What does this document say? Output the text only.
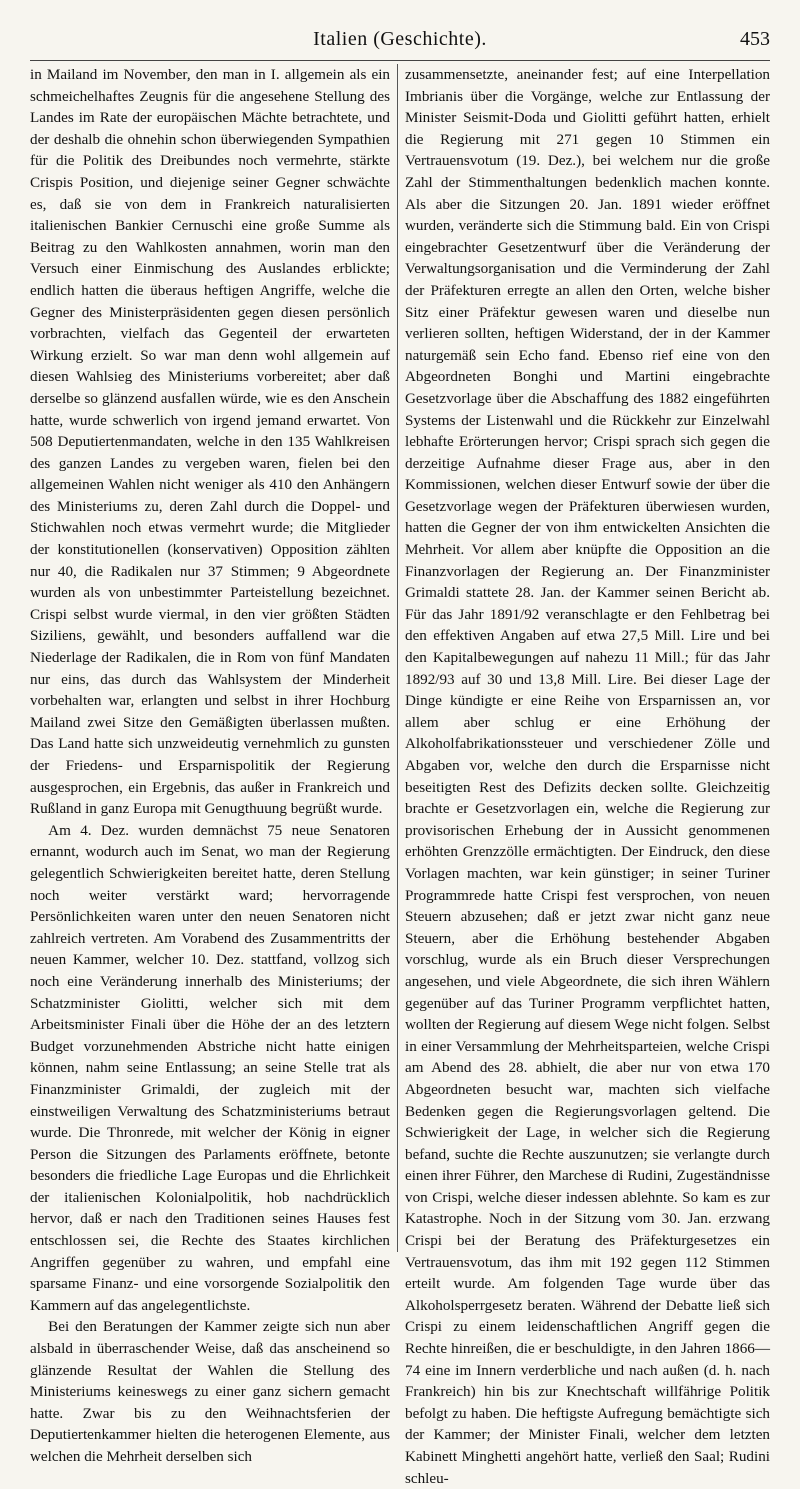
Italien (Geschichte).	453

in Mailand im November, den man in I. allgemein als ein schmeichelhaftes Zeugnis für die angesehene Stellung des Landes im Rate der europäischen Mächte betrachtete, und der deshalb die ohnehin schon überwiegenden Sympathien für die Politik des Dreibundes noch vermehrte, stärkte Crispis Position, und diejenige seiner Gegner schwächte es, daß sie von dem in Frankreich naturalisierten italienischen Bankier Cernuschi eine große Summe als Beitrag zu den Wahlkosten annahmen, worin man den Versuch einer Einmischung des Auslandes erblickte; endlich hatten die überaus heftigen Angriffe, welche die Gegner des Ministerpräsidenten gegen diesen persönlich vorbrachten, vielfach das Gegenteil der erwarteten Wirkung erzielt. So war man denn wohl allgemein auf diesen Wahlsieg des Ministeriums vorbereitet; aber daß derselbe so glänzend ausfallen würde, wie es den Anschein hatte, wurde schwerlich von irgend jemand erwartet. Von 508 Deputiertenmandaten, welche in den 135 Wahlkreisen des ganzen Landes zu vergeben waren, fielen bei den allgemeinen Wahlen nicht weniger als 410 den Anhängern des Ministeriums zu, deren Zahl durch die Doppel- und Stichwahlen noch etwas vermehrt wurde; die Mitglieder der konstitutionellen (konservativen) Opposition zählten nur 40, die Radikalen nur 37 Stimmen; 9 Abgeordnete wurden als von unbestimmter Parteistellung bezeichnet. Crispi selbst wurde viermal, in den vier größten Städten Siziliens, gewählt, und besonders auffallend war die Niederlage der Radikalen, die in Rom von fünf Mandaten nur eins, das durch das Wahlsystem der Minderheit vorbehalten war, erlangten und selbst in ihrer Hochburg Mailand zwei Sitze den Gemäßigten überlassen mußten. Das Land hatte sich unzweideutig vernehmlich zu gunsten der Friedens- und Ersparnispolitik der Regierung ausgesprochen, ein Ergebnis, das außer in Frankreich und Rußland in ganz Europa mit Genugthuung begrüßt wurde.

Am 4. Dez. wurden demnächst 75 neue Senatoren ernannt, wodurch auch im Senat, wo man der Regierung gelegentlich Schwierigkeiten bereitet hatte, deren Stellung noch weiter verstärkt ward; hervorragende Persönlichkeiten waren unter den neuen Senatoren nicht zahlreich vertreten. Am Vorabend des Zusammentritts der neuen Kammer, welcher 10. Dez. stattfand, vollzog sich noch eine Veränderung innerhalb des Ministeriums; der Schatzminister Giolitti, welcher sich mit dem Arbeitsminister Finali über die Höhe der an des letztern Budget vorzunehmenden Abstriche nicht hatte einigen können, nahm seine Entlassung; an seine Stelle trat als Finanzminister Grimaldi, der zugleich mit der einstweiligen Verwaltung des Schatzministeriums betraut wurde. Die Thronrede, mit welcher der König in eigner Person die Sitzungen des Parlaments eröffnete, betonte besonders die friedliche Lage Europas und die Ehrlichkeit der italienischen Kolonialpolitik, hob nachdrücklich hervor, daß er nach den Traditionen seines Hauses fest entschlossen sei, die Rechte des Staates kirchlichen Angriffen gegenüber zu wahren, und empfahl eine sparsame Finanz- und eine vorsorgende Sozialpolitik den Kammern auf das angelegentlichste.

Bei den Beratungen der Kammer zeigte sich nun aber alsbald in überraschender Weise, daß das anscheinend so glänzende Resultat der Wahlen die Stellung des Ministeriums keineswegs zu einer ganz sichern gemacht hatte. Zwar bis zu den Weihnachtsferien der Deputiertenkammer hielten die heterogenen Elemente, aus welchen die Mehrheit derselben sich

zusammensetzte, aneinander fest; auf eine Interpellation Imbrianis über die Vorgänge, welche zur Entlassung der Minister Seismit-Doda und Giolitti geführt hatten, erhielt die Regierung mit 271 gegen 10 Stimmen ein Vertrauensvotum (19. Dez.), bei welchem nur die große Zahl der Stimmenthaltungen bedenklich machen konnte. Als aber die Sitzungen 20. Jan. 1891 wieder eröffnet wurden, veränderte sich die Stimmung bald. Ein von Crispi eingebrachter Gesetzentwurf über die Veränderung der Verwaltungsorganisation und die Verminderung der Zahl der Präfekturen erregte an allen den Orten, welche bisher Sitz einer Präfektur gewesen waren und dieselbe nun verlieren sollten, heftigen Widerstand, der in der Kammer naturgemäß sein Echo fand. Ebenso rief eine von den Abgeordneten Bonghi und Martini eingebrachte Gesetzvorlage über die Abschaffung des 1882 eingeführten Systems der Listenwahl und die Rückkehr zur Einzelwahl lebhafte Erörterungen hervor; Crispi sprach sich gegen die derzeitige Aufnahme dieser Frage aus, aber in den Kommissionen, welchen dieser Entwurf sowie der über die Gesetzvorlage wegen der Präfekturen überwiesen wurden, hatten die Gegner der von ihm entwickelten Ansichten die Mehrheit. Vor allem aber knüpfte die Opposition an die Finanzvorlagen der Regierung an. Der Finanzminister Grimaldi stattete 28. Jan. der Kammer seinen Bericht ab. Für das Jahr 1891/92 veranschlagte er den Fehlbetrag bei den effektiven Angaben auf etwa 27,5 Mill. Lire und bei den Kapitalbewegungen auf nahezu 11 Mill.; für das Jahr 1892/93 auf 30 und 13,8 Mill. Lire. Bei dieser Lage der Dinge kündigte er eine Reihe von Ersparnissen an, vor allem aber schlug er eine Erhöhung der Alkoholfabrikationssteuer und verschiedener Zölle und Abgaben vor, welche den durch die Ersparnisse nicht beseitigten Rest des Defizits decken sollte. Gleichzeitig brachte er Gesetzvorlagen ein, welche die Regierung zur provisorischen Erhebung der in Aussicht genommenen erhöhten Grenzzölle ermächtigten. Der Eindruck, den diese Vorlagen machten, war kein günstiger; in seiner Turiner Programmrede hatte Crispi fest versprochen, von neuen Steuern abzusehen; daß er jetzt zwar nicht ganz neue Steuern, aber die Erhöhung bestehender Abgaben vorschlug, wurde als ein Bruch dieser Versprechungen angesehen, und viele Abgeordnete, die sich ihren Wählern gegenüber auf das Turiner Programm verpflichtet hatten, wollten der Regierung auf diesem Wege nicht folgen. Selbst in einer Versammlung der Mehrheitsparteien, welche Crispi am Abend des 28. abhielt, die aber nur von etwa 170 Abgeordneten besucht war, machten sich vielfache Bedenken gegen die Regierungsvorlagen geltend. Die Schwierigkeit der Lage, in welcher sich die Regierung befand, suchte die Rechte auszunutzen; sie verlangte durch einen ihrer Führer, den Marchese di Rudini, Zugeständnisse von Crispi, welche dieser indessen ablehnte. So kam es zur Katastrophe. Noch in der Sitzung vom 30. Jan. erzwang Crispi bei der Beratung des Präfekturgesetzes ein Vertrauensvotum, das ihm mit 192 gegen 112 Stimmen erteilt wurde. Am folgenden Tage wurde über das Alkoholsperrgesetz beraten. Während der Debatte ließ sich Crispi zu einem leidenschaftlichen Angriff gegen die Rechte hinreißen, die er beschuldigte, in den Jahren 1866—74 eine im Innern verderbliche und nach außen (d. h. nach Frankreich) hin bis zur Knechtschaft willfährige Politik befolgt zu haben. Die heftigste Aufregung bemächtigte sich der Kammer; der Minister Finali, welcher dem letzten Kabinett Minghetti angehört hatte, verließ den Saal; Rudini schleu-
